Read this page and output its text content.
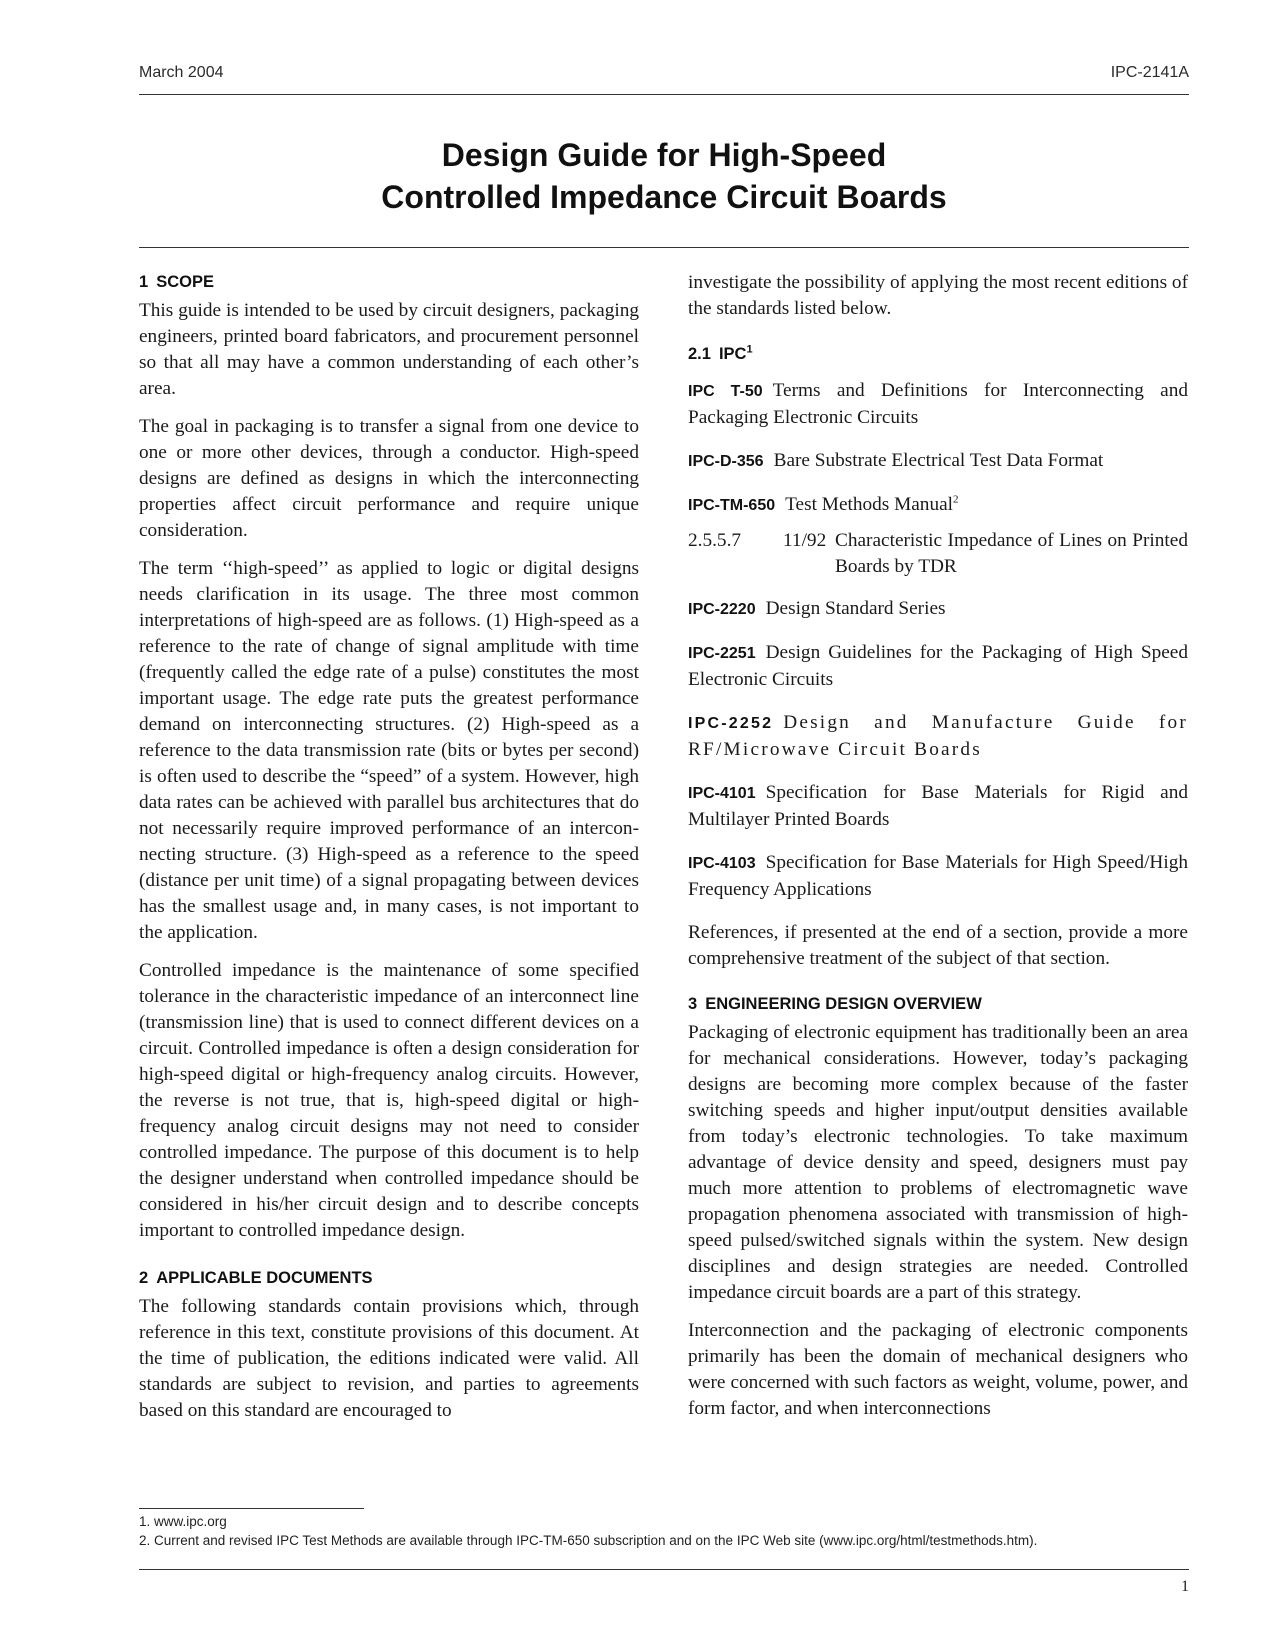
March 2004	IPC-2141A
Design Guide for High-Speed
Controlled Impedance Circuit Boards
1 SCOPE

This guide is intended to be used by circuit designers, packaging engineers, printed board fabricators, and procurement personnel so that all may have a common understanding of each other’s area.

The goal in packaging is to transfer a signal from one device to one or more other devices, through a conductor. High-speed designs are defined as designs in which the interconnecting properties affect circuit performance and require unique consideration.

The term ‘‘high-speed’’ as applied to logic or digital designs needs clarification in its usage. The three most common interpretations of high-speed are as follows. (1) High-speed as a reference to the rate of change of signal amplitude with time (frequently called the edge rate of a pulse) constitutes the most important usage. The edge rate puts the greatest performance demand on interconnecting structures. (2) High-speed as a reference to the data transmission rate (bits or bytes per second) is often used to describe the “speed” of a system. However, high data rates can be achieved with parallel bus architectures that do not necessarily require improved performance of an interconnecting structure. (3) High-speed as a reference to the speed (distance per unit time) of a signal propagating between devices has the smallest usage and, in many cases, is not important to the application.

Controlled impedance is the maintenance of some specified tolerance in the characteristic impedance of an interconnect line (transmission line) that is used to connect different devices on a circuit. Controlled impedance is often a design consideration for high-speed digital or high-frequency analog circuits. However, the reverse is not true, that is, high-speed digital or high-frequency analog circuit designs may not need to consider controlled impedance. The purpose of this document is to help the designer understand when controlled impedance should be considered in his/her circuit design and to describe concepts important to controlled impedance design.

2 APPLICABLE DOCUMENTS

The following standards contain provisions which, through reference in this text, constitute provisions of this document. At the time of publication, the editions indicated were valid. All standards are subject to revision, and parties to agreements based on this standard are encouraged to

investigate the possibility of applying the most recent editions of the standards listed below.

2.1 IPC$^1$
IPC T-50 Terms and Definitions for Interconnecting and Packaging Electronic Circuits
IPC-D-356 Bare Substrate Electrical Test Data Format
IPC-TM-650 Test Methods Manual$^2$
2.5.5.7	11/92 Characteristic Impedance of Lines on Printed Boards by TDR
IPC-2220 Design Standard Series
IPC-2251 Design Guidelines for the Packaging of High Speed Electronic Circuits
IPC-2252 Design and Manufacture Guide for RF/Microwave Circuit Boards
IPC-4101 Specification for Base Materials for Rigid and Multilayer Printed Boards
IPC-4103 Specification for Base Materials for High Speed/High Frequency Applications

References, if presented at the end of a section, provide a more comprehensive treatment of the subject of that section.

3 ENGINEERING DESIGN OVERVIEW

Packaging of electronic equipment has traditionally been an area for mechanical considerations. However, today’s packaging designs are becoming more complex because of the faster switching speeds and higher input/output densities available from today’s electronic technologies. To take maximum advantage of device density and speed, designers must pay much more attention to problems of electromagnetic wave propagation phenomena associated with transmission of high-speed pulsed/switched signals within the system. New design disciplines and design strategies are needed. Controlled impedance circuit boards are a part of this strategy.

Interconnection and the packaging of electronic components primarily has been the domain of mechanical designers who were concerned with such factors as weight, volume, power, and form factor, and when interconnections

1. www.ipc.org
2. Current and revised IPC Test Methods are available through IPC-TM-650 subscription and on the IPC Web site (www.ipc.org/html/testmethods.htm).
1
